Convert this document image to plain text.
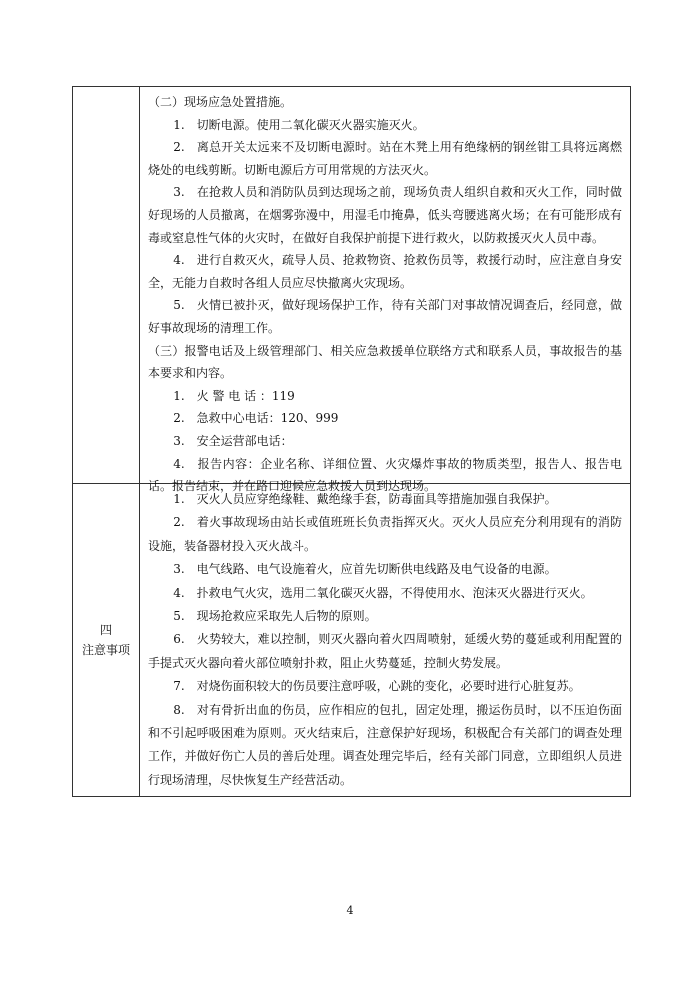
（二）现场应急处置措施。

1.　切断电源。使用二氧化碳灭火器实施灭火。

2.　离总开关太远来不及切断电源时。站在木凳上用有绝缘柄的钢丝钳工具将远离燃烧处的电线剪断。切断电源后方可用常规的方法灭火。

3.　在抢救人员和消防队员到达现场之前，现场负责人组织自救和灭火工作，同时做好现场的人员撤离，在烟雾弥漫中，用湿毛巾掩鼻，低头弯腰逃离火场；在有可能形成有毒或窒息性气体的火灾时，在做好自我保护前提下进行救火，以防救援灭火人员中毒。

4.　进行自救灭火，疏导人员、抢救物资、抢救伤员等，救援行动时，应注意自身安全，无能力自救时各组人员应尽快撤离火灾现场。

5.　火情已被扑灭，做好现场保护工作，待有关部门对事故情况调查后，经同意，做好事故现场的清理工作。

（三）报警电话及上级管理部门、相关应急救援单位联络方式和联系人员，事故报告的基本要求和内容。

1.　火 警 电 话 ：119

2.　急救中心电话：120、999

3.　安全运营部电话：

4.　报告内容：企业名称、详细位置、火灾爆炸事故的物质类型，报告人、报告电话。报告结束，并在路口迎候应急救援人员到达现场。

四
注意事项

1.　灭火人员应穿绝缘鞋、戴绝缘手套，防毒面具等措施加强自我保护。

2.　着火事故现场由站长或值班班长负责指挥灭火。灭火人员应充分利用现有的消防设施，装备器材投入灭火战斗。

3.　电气线路、电气设施着火，应首先切断供电线路及电气设备的电源。

4.　扑救电气火灾，选用二氧化碳灭火器，不得使用水、泡沫灭火器进行灭火。

5.　现场抢救应采取先人后物的原则。

6.　火势较大，难以控制，则灭火器向着火四周喷射，延缓火势的蔓延或利用配置的手提式灭火器向着火部位喷射扑救，阻止火势蔓延，控制火势发展。

7.　对烧伤面积较大的伤员要注意呼吸，心跳的变化，必要时进行心脏复苏。

8.　对有骨折出血的伤员，应作相应的包扎，固定处理，搬运伤员时，以不压迫伤面和不引起呼吸困难为原则。灭火结束后，注意保护好现场，积极配合有关部门的调查处理工作，并做好伤亡人员的善后处理。调查处理完毕后，经有关部门同意，立即组织人员进行现场清理，尽快恢复生产经营活动。

4
